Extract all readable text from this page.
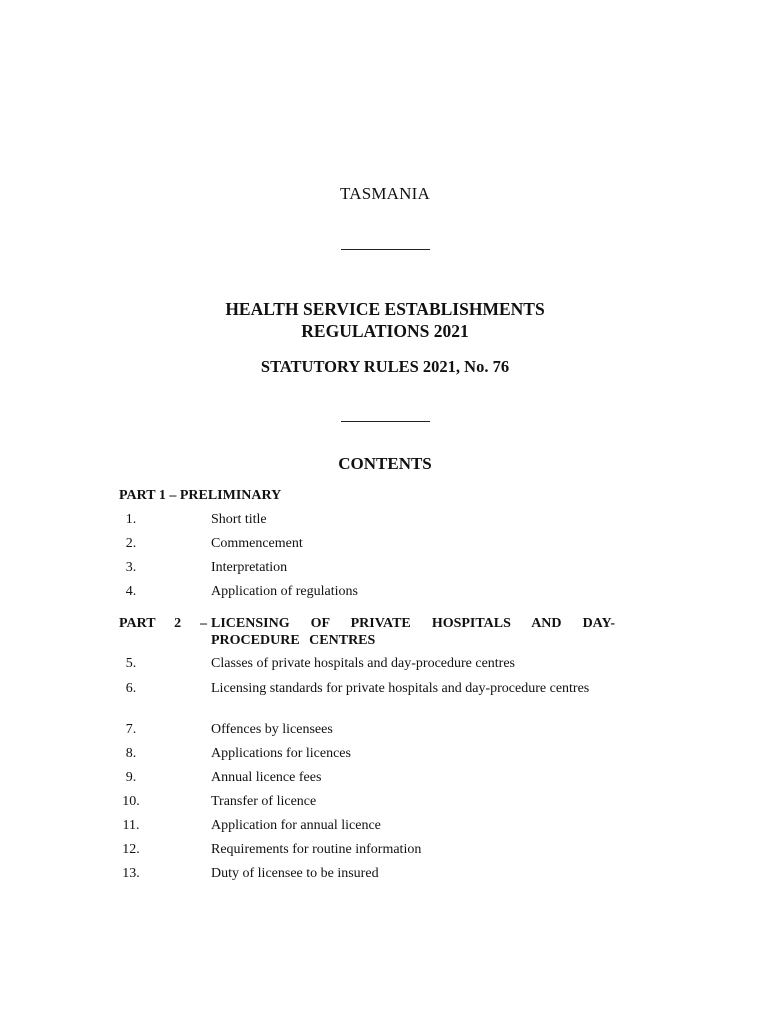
TASMANIA
HEALTH SERVICE ESTABLISHMENTS
REGULATIONS 2021
STATUTORY RULES 2021, No. 76
CONTENTS
PART 1 – PRELIMINARY
1.	Short title
2.	Commencement
3.	Interpretation
4.	Application of regulations
PART 2 – LICENSING OF PRIVATE HOSPITALS AND DAY-PROCEDURE CENTRES
5.	Classes of private hospitals and day-procedure centres
6.	Licensing standards for private hospitals and day-procedure centres
7.	Offences by licensees
8.	Applications for licences
9.	Annual licence fees
10.	Transfer of licence
11.	Application for annual licence
12.	Requirements for routine information
13.	Duty of licensee to be insured
